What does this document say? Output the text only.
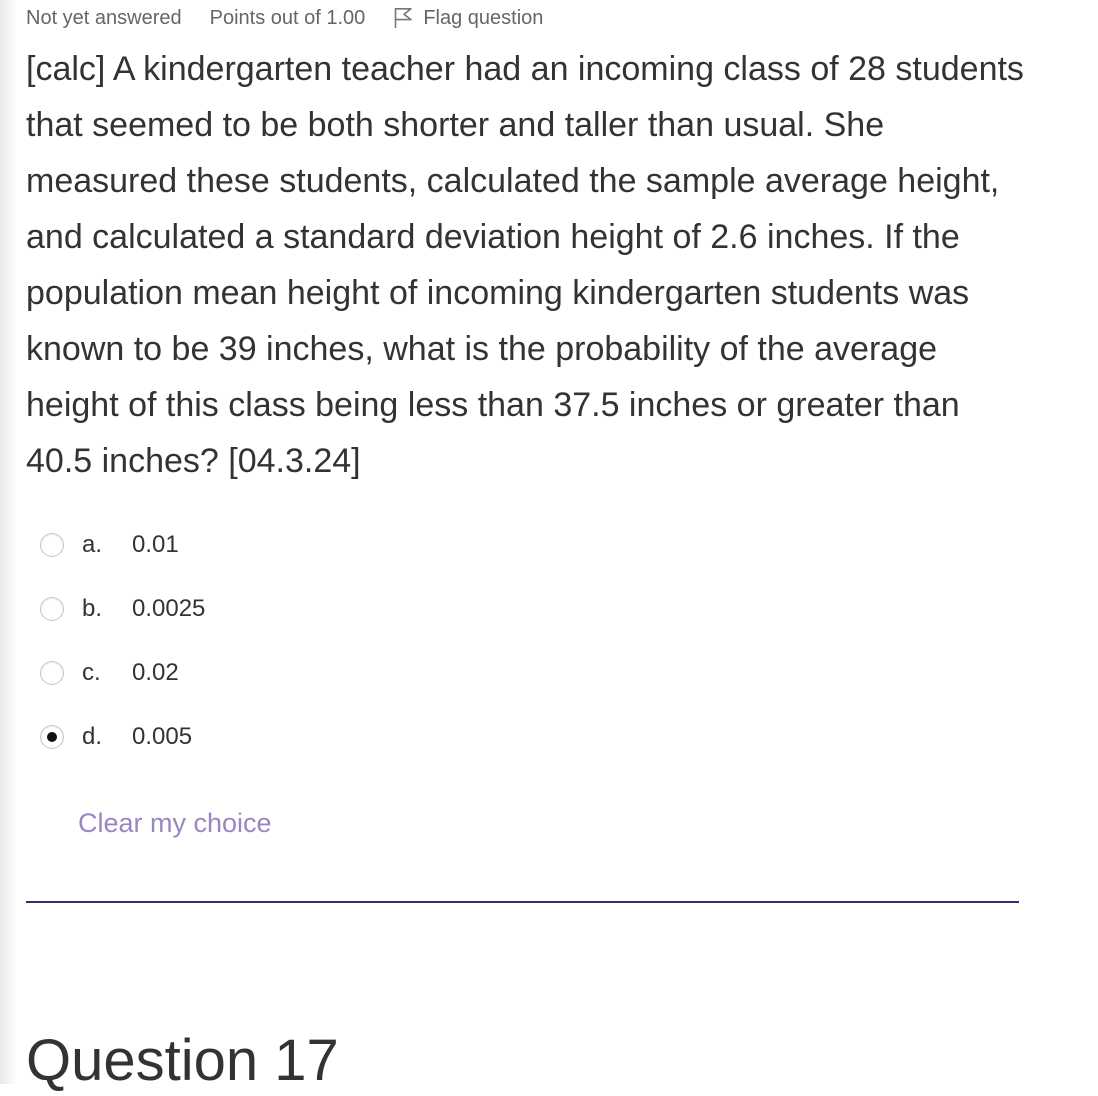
Not yet answered Points out of 1.00	Flag question

[calc] A kindergarten teacher had an incoming class of 28 students that seemed to be both shorter and taller than usual. She measured these students, calculated the sample average height, and calculated a standard deviation height of 2.6 inches. If the population mean height of incoming kindergarten students was known to be 39 inches, what is the probability of the average height of this class being less than 37.5 inches or greater than 40.5 inches? [04.3.24]

a.	0.01
b.	0.0025
c.	0.02
d.	0.005
Clear my choice
Question 17
